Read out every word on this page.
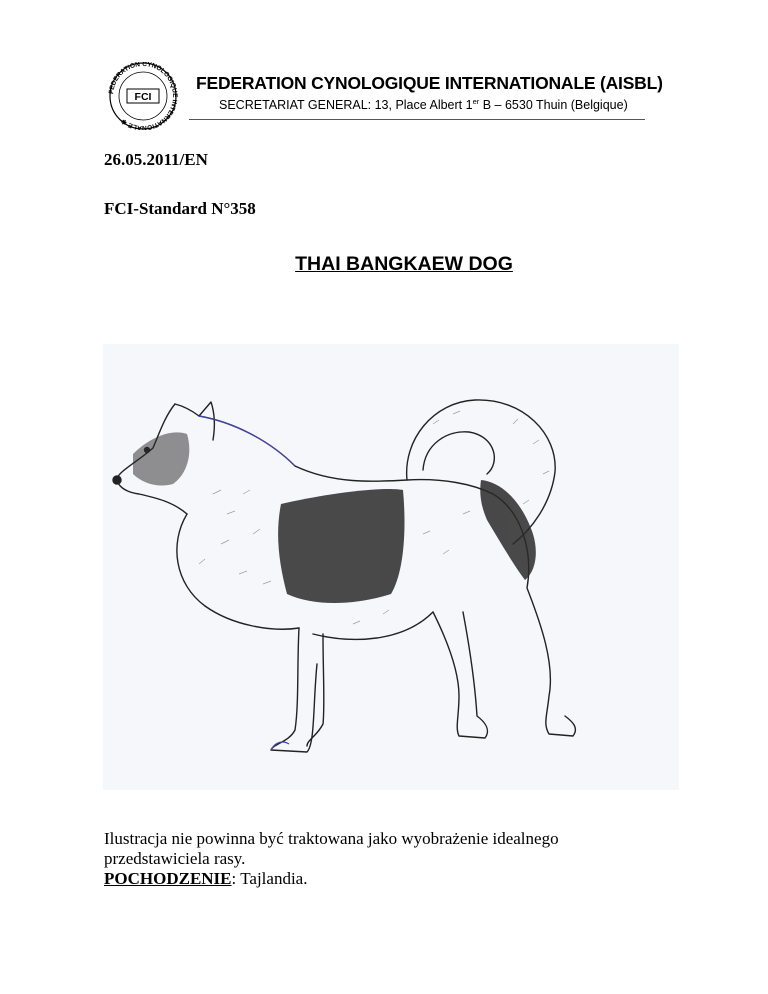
FEDERATION CYNOLOGIQUE INTERNATIONALE ✱
FCI
FEDERATION CYNOLOGIQUE INTERNATIONALE (AISBL)
SECRETARIAT GENERAL: 13, Place Albert 1er B – 6530 Thuin (Belgique)
26.05.2011/EN
FCI-Standard N°358
THAI BANGKAEW DOG
Ilustracja nie powinna być traktowana jako wyobrażenie idealnego przedstawiciela rasy.
POCHODZENIE: Tajlandia.
